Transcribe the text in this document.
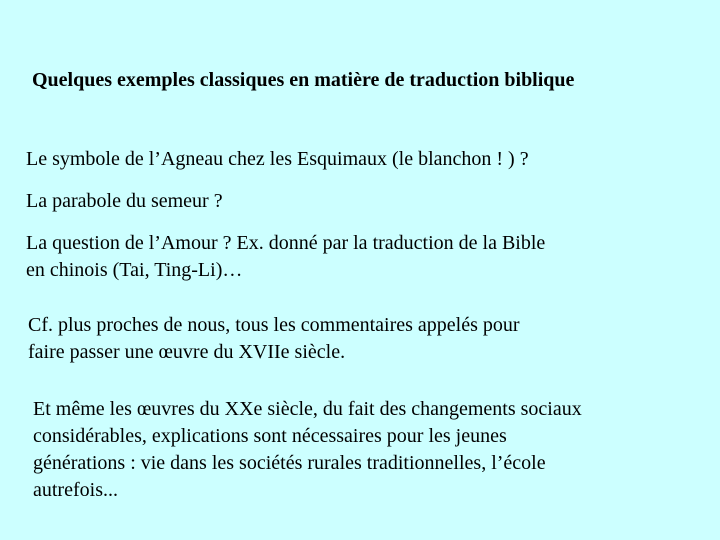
Quelques exemples classiques en matière de traduction biblique

Le symbole de l’Agneau chez les Esquimaux (le blanchon ! ) ?

La parabole du semeur ?

La question de l’Amour ? Ex. donné par la traduction de la Bible
en chinois (Tai, Ting-Li)…

Cf. plus proches de nous, tous les commentaires appelés pour
faire passer une œuvre du XVIIe siècle.

Et même les œuvres du XXe siècle, du fait des changements sociaux
considérables, explications sont nécessaires pour les jeunes
générations : vie dans les sociétés rurales traditionnelles, l’école
autrefois...
